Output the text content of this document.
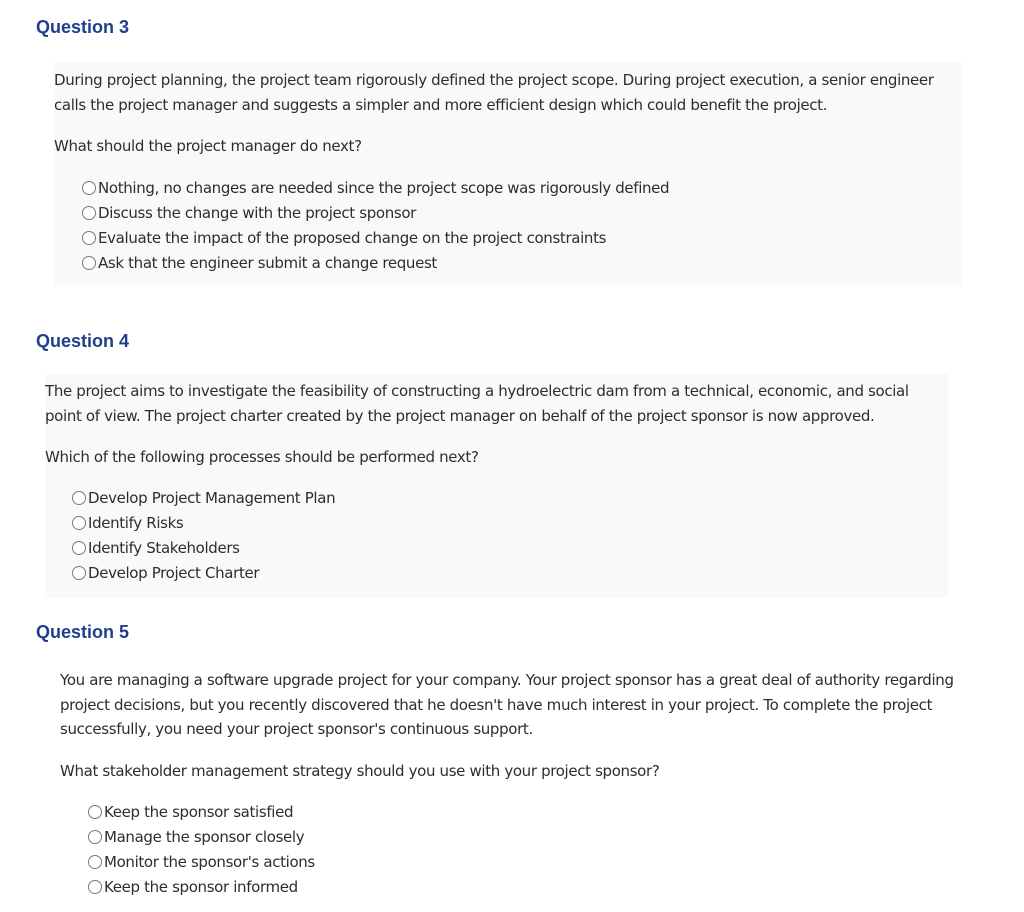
Question 3

During project planning, the project team rigorously defined the project scope. During project execution, a senior engineer calls the project manager and suggests a simpler and more efficient design which could benefit the project.

What should the project manager do next?

Nothing, no changes are needed since the project scope was rigorously defined
Discuss the change with the project sponsor
Evaluate the impact of the proposed change on the project constraints
Ask that the engineer submit a change request
Question 4

The project aims to investigate the feasibility of constructing a hydroelectric dam from a technical, economic, and social point of view. The project charter created by the project manager on behalf of the project sponsor is now approved.

Which of the following processes should be performed next?

Develop Project Management Plan
Identify Risks
Identify Stakeholders
Develop Project Charter
Question 5

You are managing a software upgrade project for your company. Your project sponsor has a great deal of authority regarding project decisions, but you recently discovered that he doesn't have much interest in your project. To complete the project successfully, you need your project sponsor's continuous support.

What stakeholder management strategy should you use with your project sponsor?

Keep the sponsor satisfied
Manage the sponsor closely
Monitor the sponsor's actions
Keep the sponsor informed
